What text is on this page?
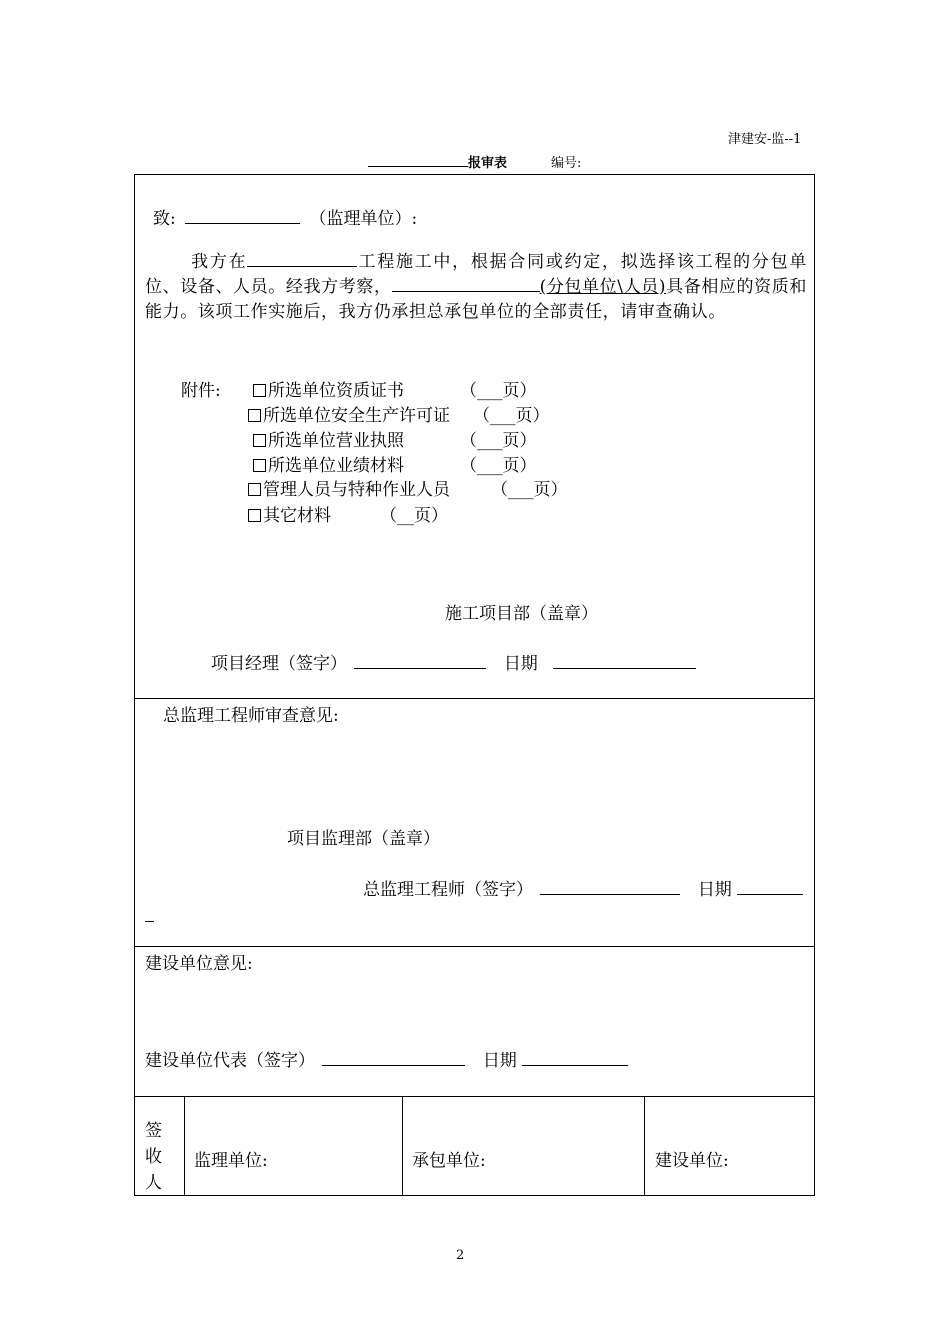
津建安-监--1
报审表	编号:
致:	（监理单位）:
我方在	工程施工中，根据合同或约定，拟选择该工程的分包单位、设备、人员。经我方考察，	(分包单位\人员)具备相应的资质和能力。该项工作实施后，我方仍承担总承包单位的全部责任，请审查确认。
附件:	所选单位资质证书	（___页）
所选单位安全生产许可证 （___页）
所选单位营业执照	（___页）
所选单位业绩材料	（___页）
管理人员与特种作业人员 （___页）
其它材料	（__页）
施工项目部（盖章）
项目经理（签字）	日期
总监理工程师审查意见:
项目监理部（盖章）
总监理工程师（签字）	日期
建设单位意见:
建设单位代表（签字）	日期
签收人
监理单位:	承包单位:	建设单位:
2
